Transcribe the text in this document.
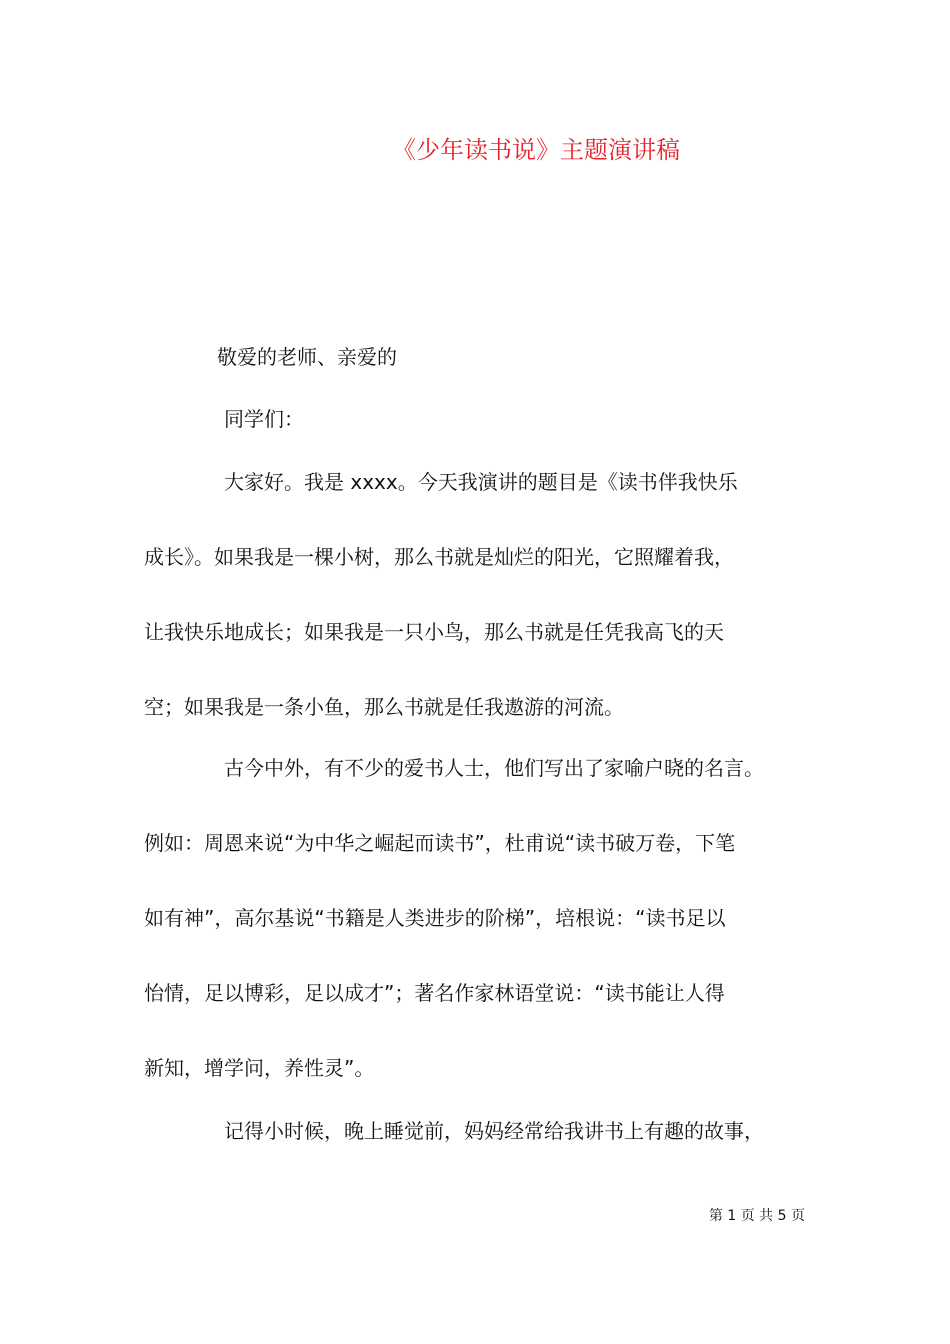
《少年读书说》主题演讲稿
敬爱的老师、亲爱的
同学们：
大家好。我是 xxxx。今天我演讲的题目是《读书伴我快乐
成长》。如果我是一棵小树，那么书就是灿烂的阳光，它照耀着我，
让我快乐地成长；如果我是一只小鸟，那么书就是任凭我高飞的天
空；如果我是一条小鱼，那么书就是任我遨游的河流。
古今中外，有不少的爱书人士，他们写出了家喻户晓的名言。
例如：周恩来说“为中华之崛起而读书”，杜甫说“读书破万卷，下笔
如有神”，高尔基说“书籍是人类进步的阶梯”，培根说：“读书足以
怡情，足以博彩，足以成才”；著名作家林语堂说：“读书能让人得
新知，增学问，养性灵”。
记得小时候，晚上睡觉前，妈妈经常给我讲书上有趣的故事，
第 1 页 共 5 页
